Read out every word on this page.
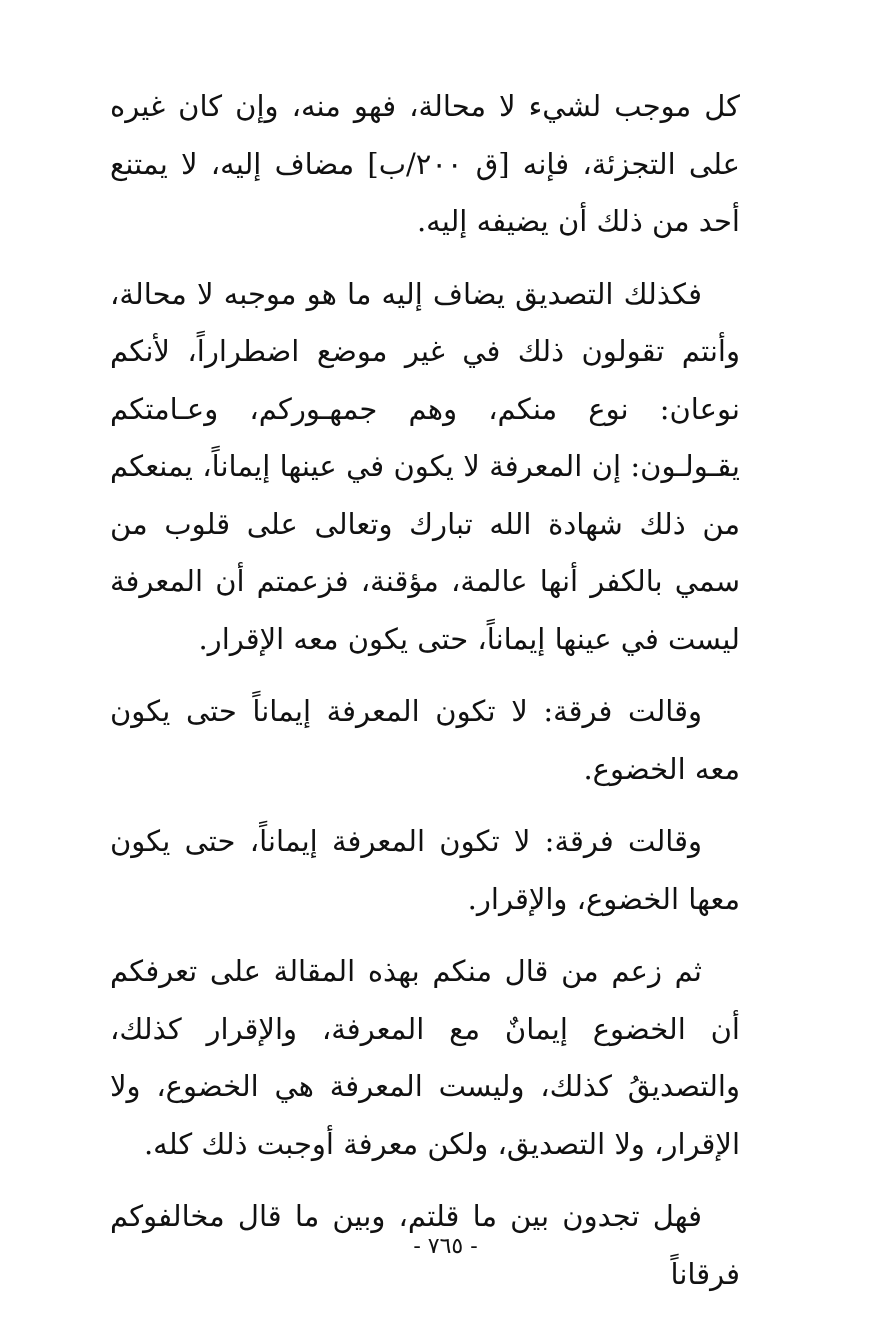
كل موجب لشيء لا محالة، فهو منه، وإن كان غيره على التجزئة، فإنه [ق ٢٠٠/ب] مضاف إليه، لا يمتنع أحد من ذلك أن يضيفه إليه.

فكذلك التصديق يضاف إليه ما هو موجبه لا محالة، وأنتم تقولون ذلك في غير موضع اضطراراً، لأنكم نوعان: نوع منكم، وهم جمهـورکم، وعـامتكم يقـولـون: إن المعرفة لا يكون في عينها إيماناً، يمنعكم من ذلك شهادة الله تبارك وتعالى على قلوب من سمي بالكفر أنها عالمة، مؤقنة، فزعمتم أن المعرفة ليست في عينها إيماناً، حتى يكون معه الإقرار.

وقالت فرقة: لا تكون المعرفة إيماناً حتى يكون معه الخضوع.

وقالت فرقة: لا تكون المعرفة إيماناً، حتى يكون معها الخضوع، والإقرار.

ثم زعم من قال منكم بهذه المقالة على تعرفكم أن الخضوع إيمانٌ مع المعرفة، والإقرار كذلك، والتصديقُ كذلك، وليست المعرفة هي الخضوع، ولا الإقرار، ولا التصديق، ولكن معرفة أوجبت ذلك كله.

فهل تجدون بين ما قلتم، وبين ما قال مخالفوكم فرقاناً

- ٧٦٥ -
